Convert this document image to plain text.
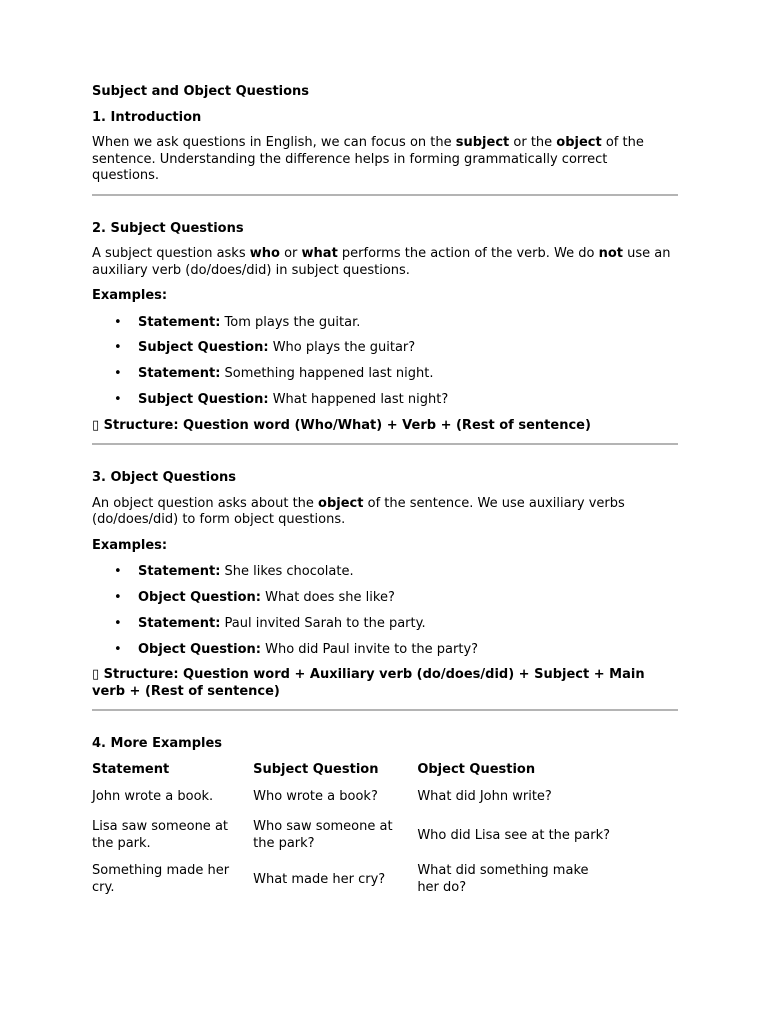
Subject and Object Questions
1. Introduction

When we ask questions in English, we can focus on the subject or the object of the sentence. Understanding the difference helps in forming grammatically correct questions.

2. Subject Questions

A subject question asks who or what performs the action of the verb. We do not use an auxiliary verb (do/does/did) in subject questions.

Examples:
• Statement: Tom plays the guitar.
• Subject Question: Who plays the guitar?
• Statement: Something happened last night.
• Subject Question: What happened last night?
▯ Structure: Question word (Who/What) + Verb + (Rest of sentence)
3. Object Questions

An object question asks about the object of the sentence. We use auxiliary verbs (do/does/did) to form object questions.

Examples:
• Statement: She likes chocolate.
• Object Question: What does she like?
• Statement: Paul invited Sarah to the party.
• Object Question: Who did Paul invite to the party?
▯ Structure: Question word + Auxiliary verb (do/does/did) + Subject + Main verb + (Rest of sentence)
4. More Examples
Statement	Subject Question	Object Question
John wrote a book.	Who wrote a book?	What did John write?
Lisa saw someone at the park.	Who saw someone at the park?	Who did Lisa see at the park?
Something made her cry.	What made her cry?	What did something make her do?
